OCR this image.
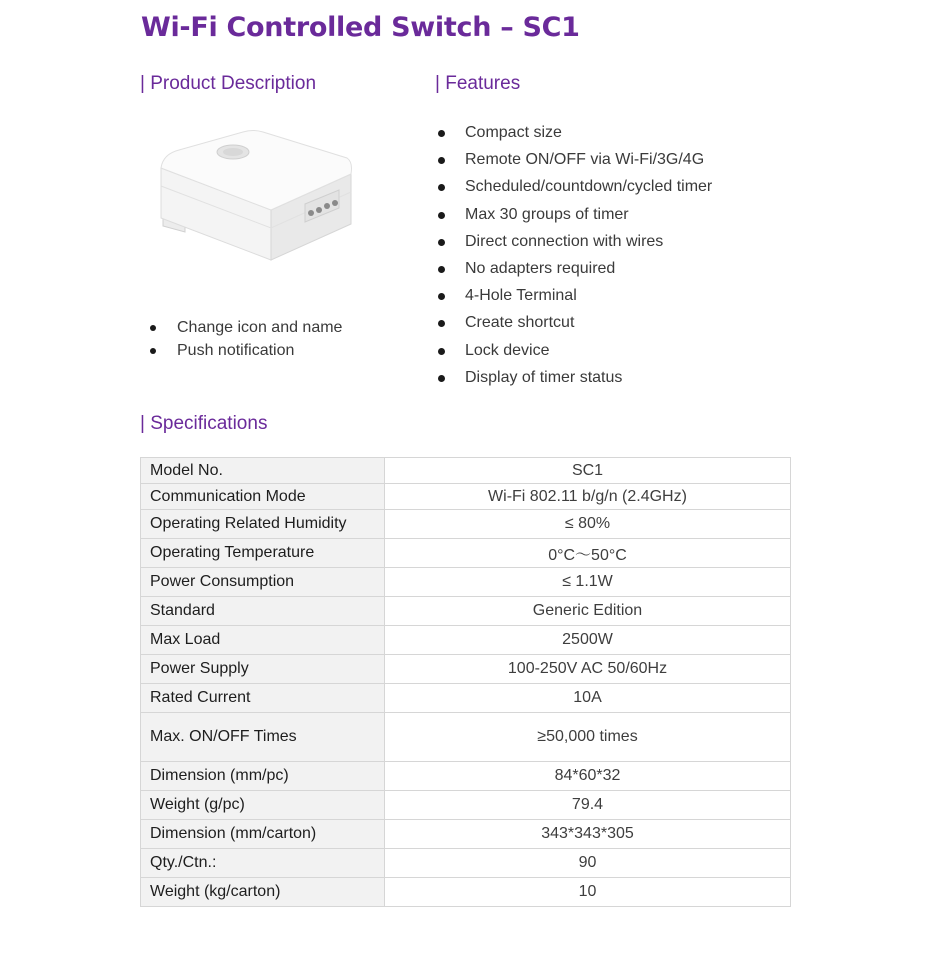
Wi-Fi Controlled Switch – SC1
| Product Description	| Features
Change icon and name
Push notification
Compact size
Remote ON/OFF via Wi-Fi/3G/4G
Scheduled/countdown/cycled timer
Max 30 groups of timer
Direct connection with wires
No adapters required
4-Hole Terminal
Create shortcut
Lock device
Display of timer status
| Specifications
Model No.	SC1
Communication Mode	Wi-Fi 802.11 b/g/n (2.4GHz)
Operating Related Humidity	≤ 80%
Operating Temperature	0°C～50°C
Power Consumption	≤ 1.1W
Standard	Generic Edition
Max Load	2500W
Power Supply	100-250V AC 50/60Hz
Rated Current	10A
Max. ON/OFF Times	≥50,000 times
Dimension (mm/pc)	84*60*32
Weight (g/pc)	79.4
Dimension (mm/carton)	343*343*305
Qty./Ctn.:	90
Weight (kg/carton)	10
